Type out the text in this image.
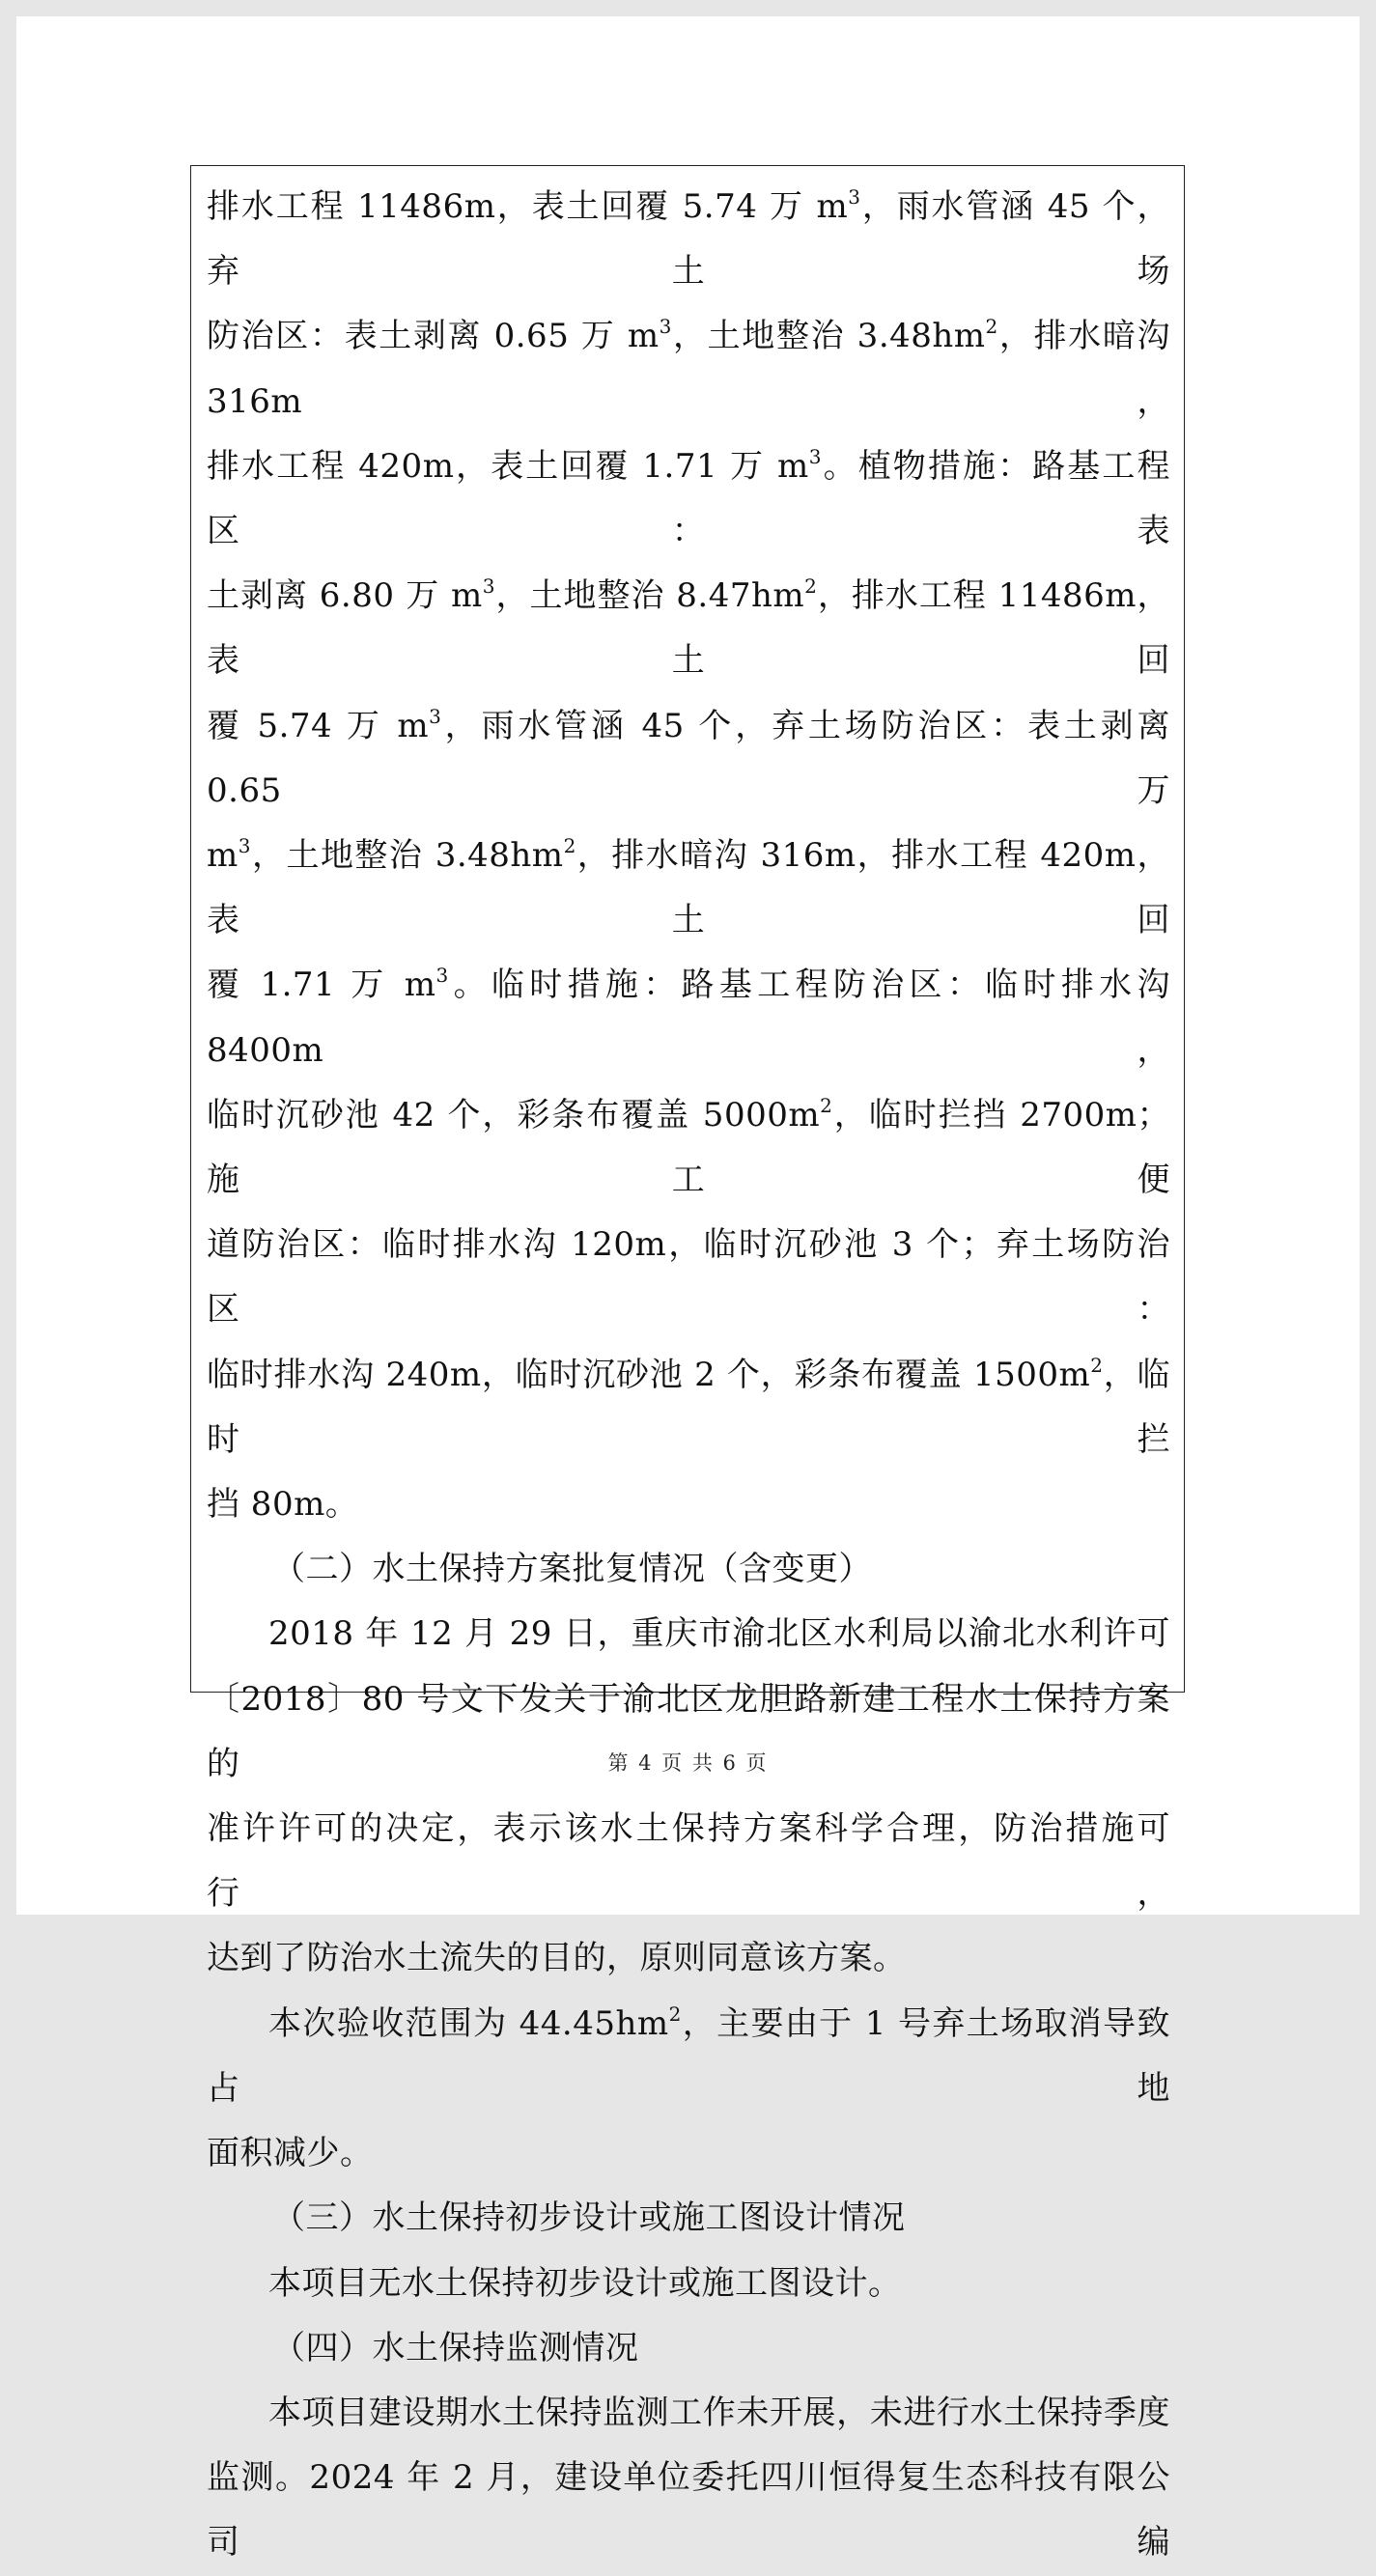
排水工程 11486m，表土回覆 5.74 万 $m^3$，雨水管涵 45 个，弃土场
防治区：表土剥离 0.65 万 $m^3$，土地整治 $3.48hm^2$，排水暗沟 316m，
排水工程 420m，表土回覆 1.71 万 $m^3$。植物措施：路基工程区：表
土剥离 6.80 万 $m^3$，土地整治 $8.47hm^2$，排水工程 11486m，表土回
覆 5.74 万 $m^3$，雨水管涵 45 个，弃土场防治区：表土剥离 0.65 万
$m^3$，土地整治 $3.48hm^2$，排水暗沟 316m，排水工程 420m，表土回
覆 1.71 万 $m^3$。临时措施：路基工程防治区：临时排水沟 8400m，
临时沉砂池 42 个，彩条布覆盖 $5000m^2$，临时拦挡 2700m；施工便
道防治区：临时排水沟 120m，临时沉砂池 3 个；弃土场防治区：
临时排水沟 240m，临时沉砂池 2 个，彩条布覆盖 $1500m^2$，临时拦
挡 80m。

（二）水土保持方案批复情况（含变更）

2018 年 12 月 29 日，重庆市渝北区水利局以渝北水利许可
〔2018〕80 号文下发关于渝北区龙胆路新建工程水土保持方案的
准许许可的决定，表示该水土保持方案科学合理，防治措施可行，
达到了防治水土流失的目的，原则同意该方案。

本次验收范围为 $44.45hm^2$，主要由于 1 号弃土场取消导致占地
面积减少。

（三）水土保持初步设计或施工图设计情况

本项目无水土保持初步设计或施工图设计。

（四）水土保持监测情况

本项目建设期水土保持监测工作未开展，未进行水土保持季度
监测。2024 年 2 月，建设单位委托四川恒得复生态科技有限公司编

第 4 页 共 6 页
